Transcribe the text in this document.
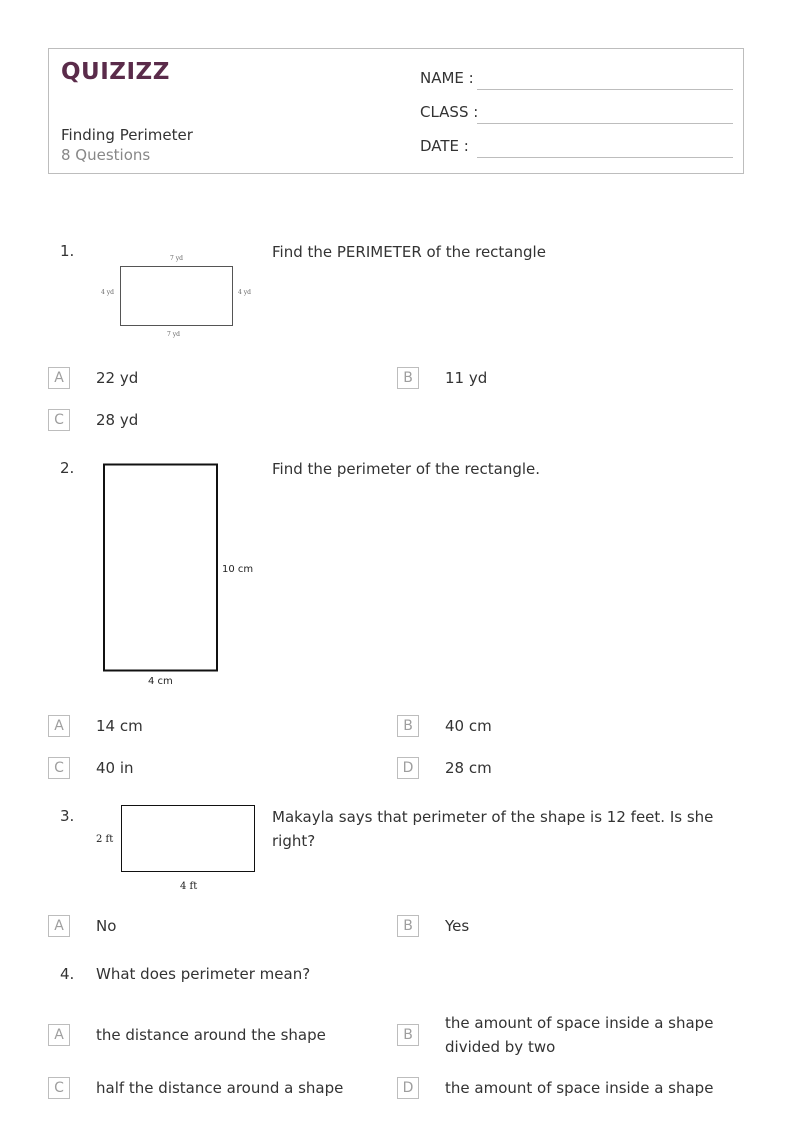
QUIZIZZ
Finding Perimeter
8 Questions
NAME :
CLASS :
DATE :
1.	7 yd
4 yd	4 yd
7 yd
Find the PERIMETER of the rectangle
A	22 yd	B	11 yd
C	28 yd
2.
10 cm
4 cm
Find the perimeter of the rectangle.
A	14 cm	B	40 cm
C	40 in	D	28 cm
3.
2 ft
4 ft
Makayla says that perimeter of the shape is 12 feet. Is she right?
A	No	B	Yes
4. What does perimeter mean?
A	the distance around the shape	B
the amount of space inside a shape divided by two
C	half the distance around a shape	D	the amount of space inside a shape
